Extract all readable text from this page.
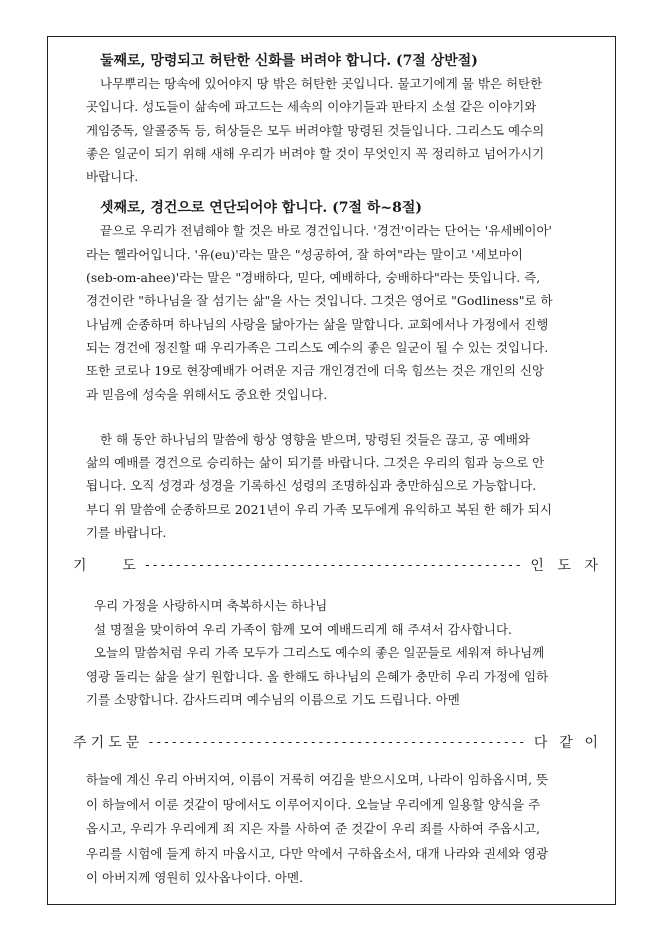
둘째로, 망령되고 허탄한 신화를 버려야 합니다. (7절 상반절)

나무뿌리는 땅속에 있어야지 땅 밖은 허탄한 곳입니다. 물고기에게 물 밖은 허탄한
곳입니다. 성도들이 삶속에 파고드는 세속의 이야기들과 판타지 소설 같은 이야기와
게임중독, 알콜중독 등, 허상들은 모두 버려야할 망령된 것들입니다. 그리스도 예수의
좋은 일군이 되기 위해 새해 우리가 버려야 할 것이 무엇인지 꼭 정리하고 넘어가시기
바랍니다.

셋째로, 경건으로 연단되어야 합니다. (7절 하~8절)

끝으로 우리가 전념해야 할 것은 바로 경건입니다. '경건'이라는 단어는 '유세베이아'
라는 헬라어입니다. '유(eu)'라는 말은 "성공하여, 잘 하여"라는 말이고 '세보마이
(seb-om-ahee)'라는 말은 "경배하다, 믿다, 예배하다, 숭배하다"라는 뜻입니다. 즉,
경건이란 "하나님을 잘 섬기는 삶"을 사는 것입니다. 그것은 영어로 "Godliness"로 하
나님께 순종하며 하나님의 사랑을 닮아가는 삶을 말합니다. 교회에서나 가정에서 진행
되는 경건에 정진할 때 우리가족은 그리스도 예수의 좋은 일군이 될 수 있는 것입니다.
또한 코로나 19로 현장예배가 어려운 지금 개인경건에 더욱 힘쓰는 것은 개인의 신앙
과 믿음에 성숙을 위해서도 중요한 것입니다.

한 해 동안 하나님의 말씀에 항상 영향을 받으며, 망령된 것들은 끊고, 공 예배와
삶의 예배를 경건으로 승리하는 삶이 되기를 바랍니다. 그것은 우리의 힘과 능으로 안
됩니다. 오직 성경과 성경을 기록하신 성령의 조명하심과 충만하심으로 가능합니다.
부디 위 말씀에 순종하므로 2021년이 우리 가족 모두에게 유익하고 복된 한 해가 되시
기를 바랍니다.

기	도 ------------------------------------------------- 인 도 자
우리 가정을 사랑하시며 축복하시는 하나님
설 명절을 맞이하여 우리 가족이 함께 모여 예배드리게 해 주셔서 감사합니다.
오늘의 말씀처럼 우리 가족 모두가 그리스도 예수의 좋은 일꾼들로 세워져 하나님께
영광 돌리는 삶을 살기 원합니다. 올 한해도 하나님의 은혜가 충만히 우리 가정에 임하
기를 소망합니다. 감사드리며 예수님의 이름으로 기도 드립니다. 아멘
주 기 도 문 ------------------------------------------------- 다 같 이
하늘에 계신 우리 아버지여, 이름이 거룩히 여김을 받으시오며, 나라이 임하옵시며, 뜻
이 하늘에서 이룬 것같이 땅에서도 이루어지이다. 오늘날 우리에게 일용할 양식을 주
옵시고, 우리가 우리에게 죄 지은 자를 사하여 준 것같이 우리 죄를 사하여 주옵시고,
우리를 시험에 들게 하지 마옵시고, 다만 악에서 구하옵소서, 대개 나라와 권세와 영광
이 아버지께 영원히 있사옵나이다. 아멘.
